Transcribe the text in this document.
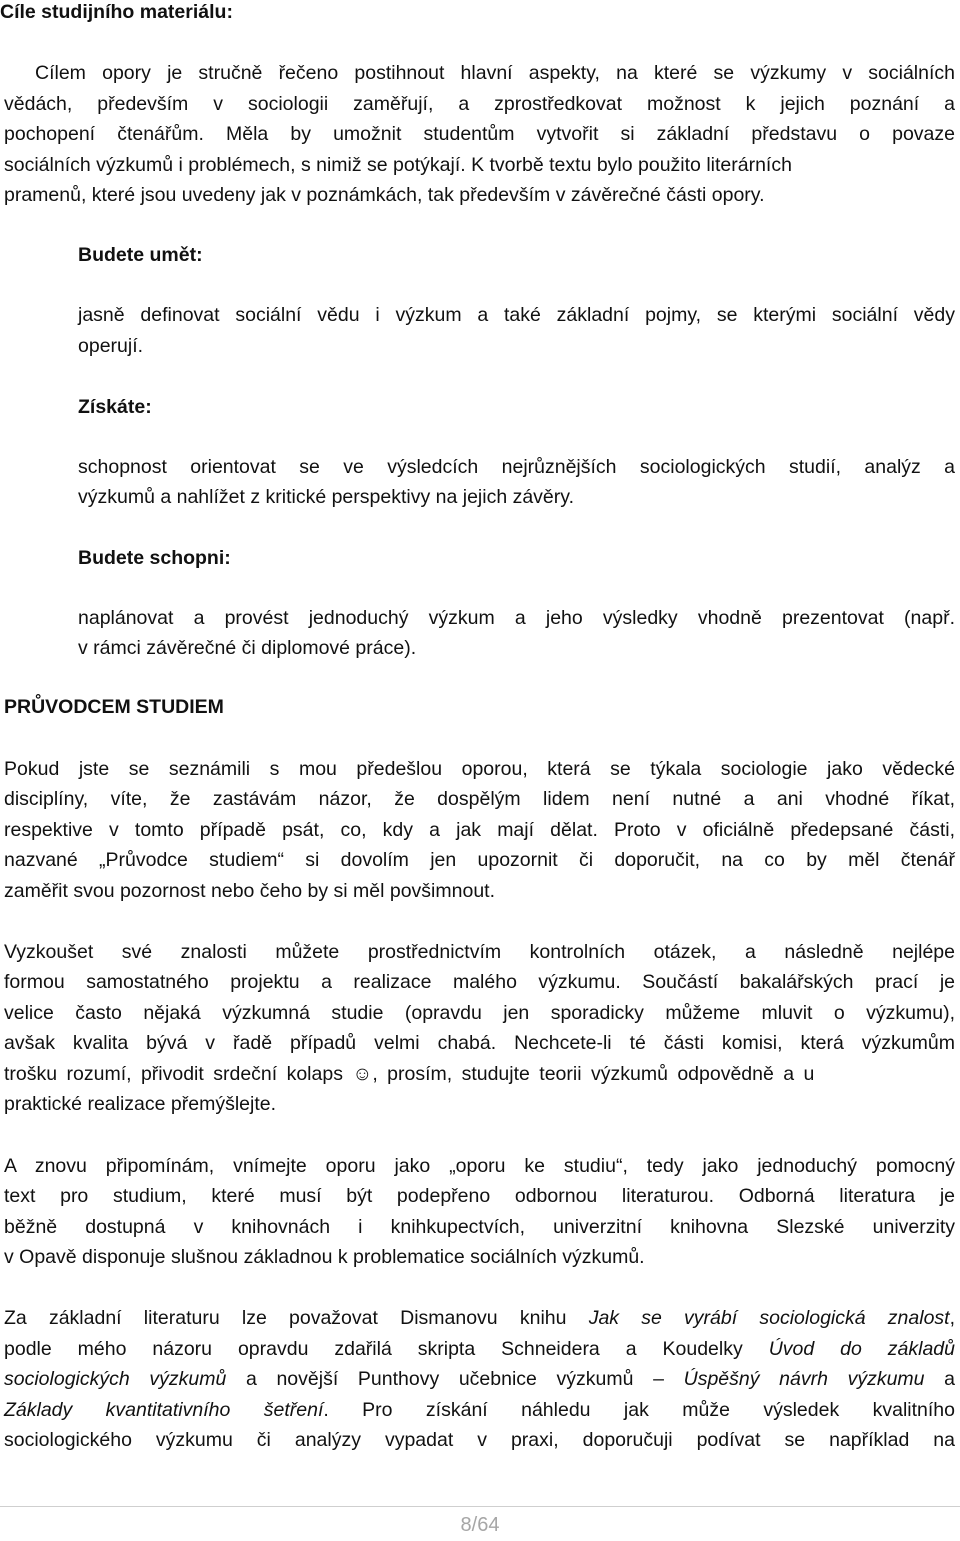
Cíle studijního materiálu:

Cílem opory je stručně řečeno postihnout hlavní aspekty, na které se výzkumy v sociálních

vědách, především v sociologii zaměřují, a zprostředkovat možnost k jejich poznání a

pochopení čtenářům. Měla by umožnit studentům vytvořit si základní představu o povaze

sociálních výzkumů i problémech, s nimiž se potýkají. K tvorbě textu bylo použito literárních

pramenů, které jsou uvedeny jak v poznámkách, tak především v závěrečné části opory.

Budete umět:

jasně definovat sociální vědu i výzkum a také základní pojmy, se kterými sociální vědy

operují.

Získáte:

schopnost orientovat se ve výsledcích nejrůznějších sociologických studií, analýz a

výzkumů a nahlížet z kritické perspektivy na jejich závěry.

Budete schopni:

naplánovat a provést jednoduchý výzkum a jeho výsledky vhodně prezentovat (např.

v rámci závěrečné či diplomové práce).

PRŮVODCEM STUDIEM

Pokud jste se seznámili s mou předešlou oporou, která se týkala sociologie jako vědecké

disciplíny, víte, že zastávám názor, že dospělým lidem není nutné a ani vhodné říkat,

respektive v tomto případě psát, co, kdy a jak mají dělat. Proto v oficiálně předepsané části,

nazvané „Průvodce studiem“ si dovolím jen upozornit či doporučit, na co by měl čtenář

zaměřit svou pozornost nebo čeho by si měl povšimnout.

Vyzkoušet své znalosti můžete prostřednictvím kontrolních otázek, a následně nejlépe

formou samostatného projektu a realizace malého výzkumu. Součástí bakalářských prací je

velice často nějaká výzkumná studie (opravdu jen sporadicky můžeme mluvit o výzkumu),

avšak kvalita bývá v řadě případů velmi chabá. Nechcete-li té části komisi, která výzkumům

trošku rozumí, přivodit srdeční kolaps ☺, prosím, studujte teorii výzkumů odpovědně a u

praktické realizace přemýšlejte.

A znovu připomínám, vnímejte oporu jako „oporu ke studiu“, tedy jako jednoduchý pomocný

text pro studium, které musí být podepřeno odbornou literaturou. Odborná literatura je

běžně dostupná v knihovnách i knihkupectvích, univerzitní knihovna Slezské univerzity

v Opavě disponuje slušnou základnou k problematice sociálních výzkumů.

Za základní literaturu lze považovat Dismanovu knihu Jak se vyrábí sociologická znalost,

podle mého názoru opravdu zdařilá skripta Schneidera a Koudelky Úvod do základů

sociologických výzkumů a novější Punthovy učebnice výzkumů – Úspěšný návrh výzkumu a

Základy kvantitativního šetření. Pro získání náhledu jak může výsledek kvalitního

sociologického výzkumu či analýzy vypadat v praxi, doporučuji podívat se například na

8/64
